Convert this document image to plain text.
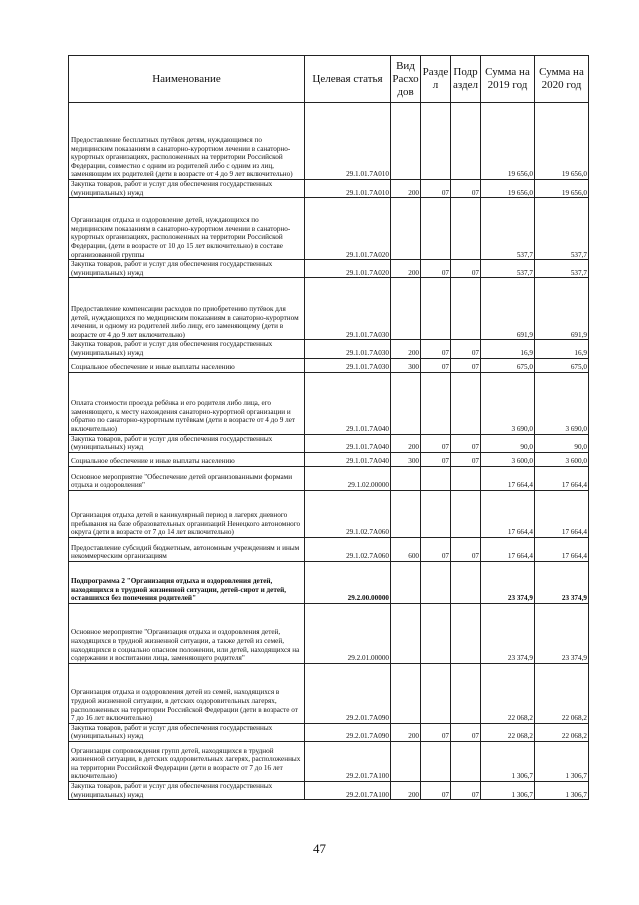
Наименование	Целевая статья	Вид Расхо дов	Разде л	Подр аздел	Сумма на 2019 год	Сумма на 2020 год
Предоставление бесплатных путёвок детям, нуждающимся по медицинским показаниям в санаторно-курортном лечении в санаторно-курортных организациях, расположенных на территории Российской Федерации, совместно с одним из родителей либо с одним из лиц, заменяющим их родителей (дети в возрасте от 4 до 9 лет включительно)	29.1.01.7А010				19 656,0	19 656,0
Закупка товаров, работ и услуг для обеспечения государственных (муниципальных) нужд	29.1.01.7А010	200	07	07	19 656,0	19 656,0
Организация отдыха и оздоровление детей, нуждающихся по медицинским показаниям в санаторно-курортном лечении в санаторно-курортных организациях, расположенных на территории Российской Федерации, (дети в возрасте от 10 до 15 лет включительно) в составе организованной группы	29.1.01.7А020				537,7	537,7
Закупка товаров, работ и услуг для обеспечения государственных (муниципальных) нужд	29.1.01.7А020	200	07	07	537,7	537,7
Предоставление компенсации расходов по приобретению путёвок для детей, нуждающихся по медицинским показаниям в санаторно-курортном лечении, и одному из родителей либо лицу, его заменяющему (дети в возрасте от 4 до 9 лет включительно)	29.1.01.7А030				691,9	691,9
Закупка товаров, работ и услуг для обеспечения государственных (муниципальных) нужд	29.1.01.7А030	200	07	07	16,9	16,9
Социальное обеспечение и иные выплаты населению	29.1.01.7А030	300	07	07	675,0	675,0
Оплата стоимости проезда ребёнка и его родителя либо лица, его заменяющего, к месту нахождения санаторно-курортной организации и обратно по санаторно-курортным путёвкам (дети в возрасте от 4 до 9 лет включительно)	29.1.01.7А040				3 690,0	3 690,0
Закупка товаров, работ и услуг для обеспечения государственных (муниципальных) нужд	29.1.01.7А040	200	07	07	90,0	90,0
Социальное обеспечение и иные выплаты населению	29.1.01.7А040	300	07	07	3 600,0	3 600,0
Основное мероприятие "Обеспечение детей организованными формами отдыха и оздоровления"	29.1.02.00000				17 664,4	17 664,4
Организация отдыха детей в каникулярный период в лагерях дневного пребывания на базе образовательных организаций Ненецкого автономного округа (дети в возрасте от 7 до 14 лет включительно)	29.1.02.7А060				17 664,4	17 664,4
Предоставление субсидий бюджетным, автономным учреждениям и иным некоммерческим организациям	29.1.02.7А060	600	07	07	17 664,4	17 664,4
Подпрограмма 2 "Организация отдыха и оздоровления детей, находящихся в трудной жизненной ситуации, детей-сирот и детей, оставшихся без попечения родителей"	29.2.00.00000				23 374,9	23 374,9
Основное мероприятие "Организация отдыха и оздоровления детей, находящихся в трудной жизненной ситуации, а также детей из семей, находящихся в социально опасном положении, или детей, находящихся на содержании и воспитании лица, заменяющего родителя"	29.2.01.00000				23 374,9	23 374,9
Организация отдыха и оздоровления детей из семей, находящихся в трудной жизненной ситуации, в детских оздоровительных лагерях, расположенных на территории Российской Федерации (дети в возрасте от 7 до 16 лет включительно)	29.2.01.7А090				22 068,2	22 068,2
Закупка товаров, работ и услуг для обеспечения государственных (муниципальных) нужд	29.2.01.7А090	200	07	07	22 068,2	22 068,2
Организация сопровождения групп детей, находящихся в трудной жизненной ситуации, в детских оздоровительных лагерях, расположенных на территории Российской Федерации (дети в возрасте от 7 до 16 лет включительно)	29.2.01.7А100				1 306,7	1 306,7
Закупка товаров, работ и услуг для обеспечения государственных (муниципальных) нужд	29.2.01.7А100	200	07	07	1 306,7	1 306,7
47
